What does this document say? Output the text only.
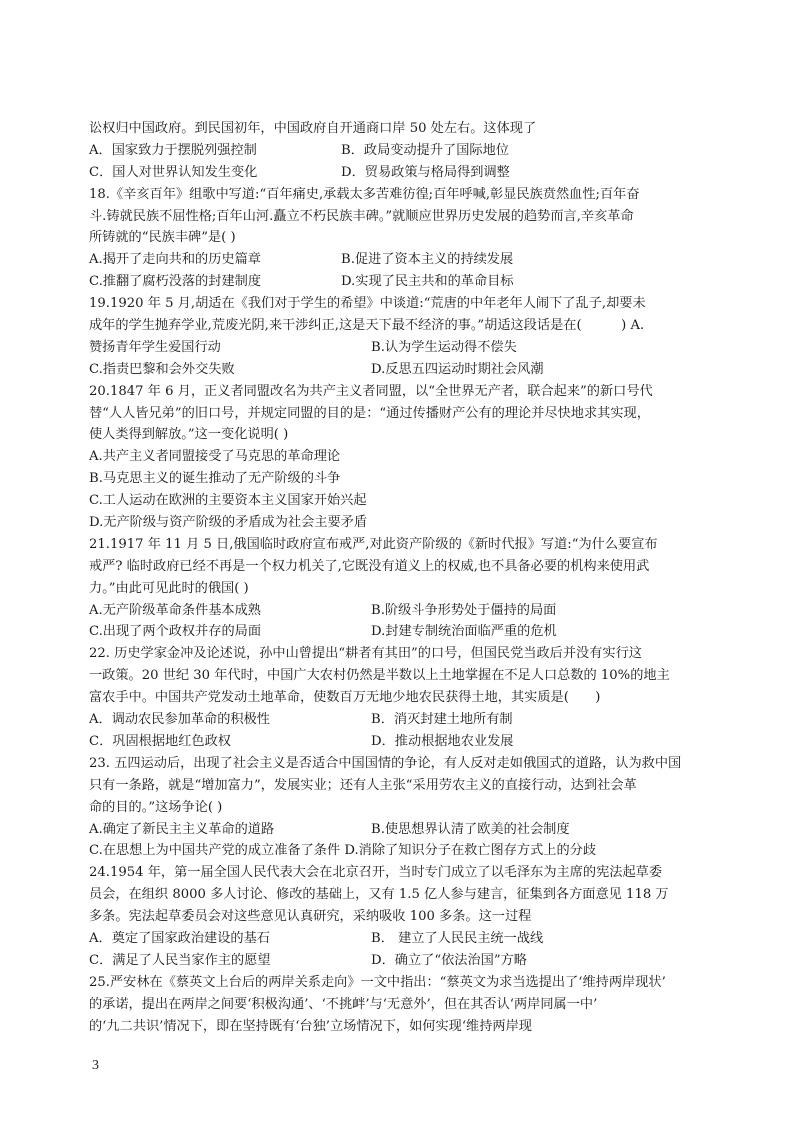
讼权归中国政府。到民国初年，中国政府自开通商口岸 50 处左右。这体现了
A．国家致力于摆脱列强控制	B．政局变动提升了国际地位
C．国人对世界认知发生变化	D．贸易政策与格局得到调整
18.《辛亥百年》组歌中写道:“百年痛史,承载太多苦难彷徨;百年呼喊,彰显民族贲然血性;百年奋
斗.铸就民族不屈性格;百年山河.矗立不朽民族丰碑。”就顺应世界历史发展的趋势而言,辛亥革命
所铸就的“民族丰碑”是( )
A.揭开了走向共和的历史篇章	B.促进了资本主义的持续发展
C.推翻了腐朽没落的封建制度	D.实现了民主共和的革命目标
19.1920 年 5 月,胡适在《我们对于学生的希望》中谈道:“荒唐的中年老年人闹下了乱子,却要未
成年的学生抛弃学业,荒废光阴,来干涉纠正,这是天下最不经济的事。”胡适这段话是在(　　　) A.
赞扬青年学生爱国行动	B.认为学生运动得不偿失
C.指责巴黎和会外交失败	D.反思五四运动时期社会风潮
20.1847 年 6 月，正义者同盟改名为共产主义者同盟，以“全世界无产者，联合起来”的新口号代
替“人人皆兄弟”的旧口号，并规定同盟的目的是：“通过传播财产公有的理论并尽快地求其实现，
使人类得到解放。”这一变化说明( )
A.共产主义者同盟接受了马克思的革命理论
B.马克思主义的诞生推动了无产阶级的斗争
C.工人运动在欧洲的主要资本主义国家开始兴起
D.无产阶级与资产阶级的矛盾成为社会主要矛盾
21.1917 年 11 月 5 日,俄国临时政府宣布戒严,对此资产阶级的《新时代报》写道:“为什么要宣布
戒严? 临时政府已经不再是一个权力机关了,它既没有道义上的权威,也不具备必要的机构来使用武
力。”由此可见此时的俄国( )
A.无产阶级革命条件基本成熟	B.阶级斗争形势处于僵持的局面
C.出现了两个政权并存的局面	D.封建专制统治面临严重的危机
22. 历史学家金冲及论述说，孙中山曾提出“耕者有其田”的口号，但国民党当政后并没有实行这
一政策。20 世纪 30 年代时，中国广大农村仍然是半数以上土地掌握在不足人口总数的 10%的地主
富农手中。中国共产党发动土地革命，使数百万无地少地农民获得土地，其实质是(　　)
A．调动农民参加革命的积极性	B．消灭封建土地所有制
C．巩固根据地红色政权	D．推动根据地农业发展
23. 五四运动后，出现了社会主义是否适合中国国情的争论，有人反对走如俄国式的道路，认为救中国
只有一条路，就是“增加富力”，发展实业；还有人主张“采用劳农主义的直接行动，达到社会革
命的目的。”这场争论( )
A.确定了新民主主义革命的道路	B.使思想界认清了欧美的社会制度
C.在思想上为中国共产党的成立准备了条件 D.消除了知识分子在救亡图存方式上的分歧
24.1954 年，第一届全国人民代表大会在北京召开，当时专门成立了以毛泽东为主席的宪法起草委
员会，在组织 8000 多人讨论、修改的基础上，又有 1.5 亿人参与建言，征集到各方面意见 118 万
多条。宪法起草委员会对这些意见认真研究，采纳吸收 100 多条。这一过程
A．奠定了国家政治建设的基石	B． 建立了人民民主统一战线
C．满足了人民当家作主的愿望	D．确立了“依法治国”方略
25.严安林在《蔡英文上台后的两岸关系走向》一文中指出：“蔡英文为求当选提出了‘维持两岸现状’
的承诺，提出在两岸之间要‘积极沟通’、‘不挑衅’与‘无意外’，但在其否认‘两岸同属一中’
的‘九二共识’情况下，即在坚持既有‘台独’立场情况下，如何实现‘维持两岸现
3
